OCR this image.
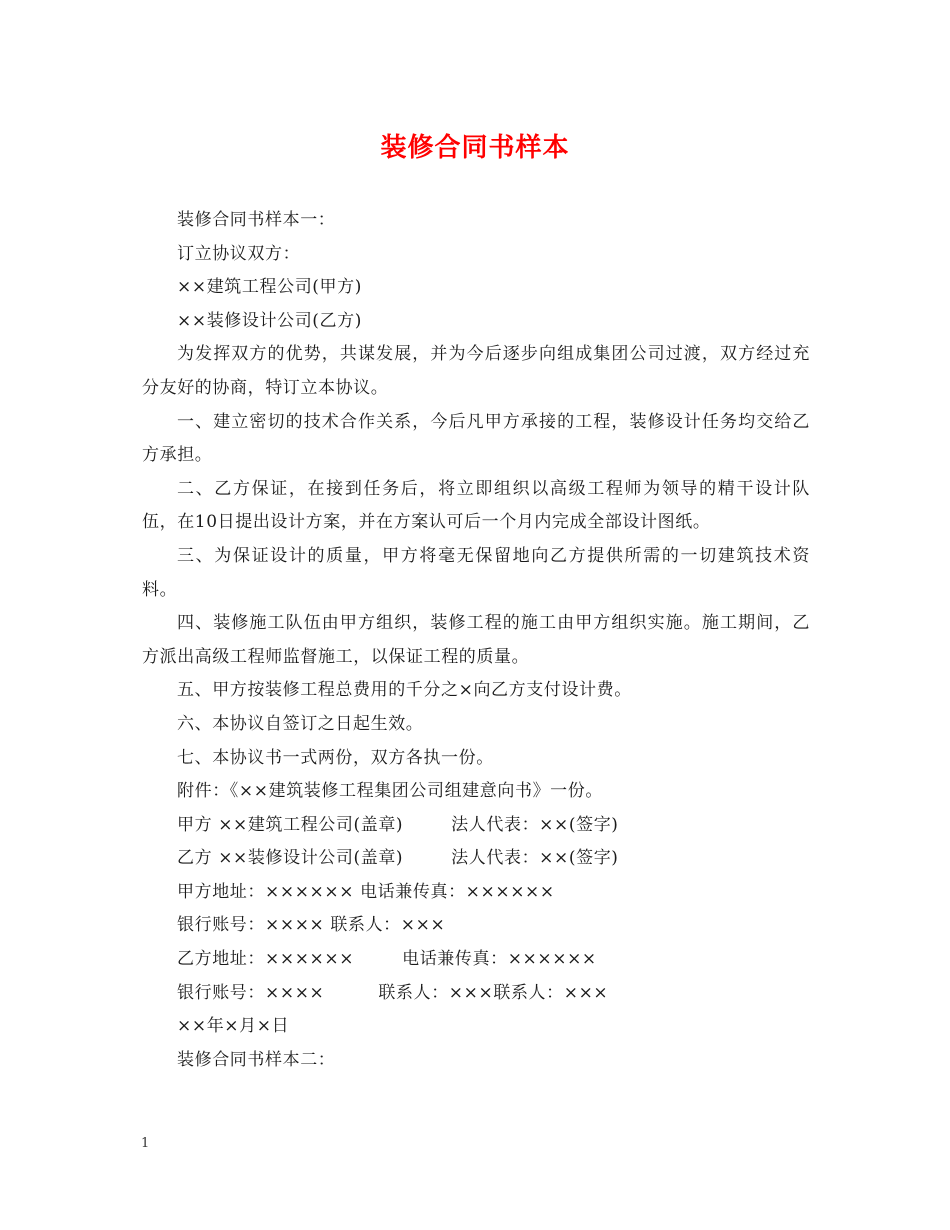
装修合同书样本

装修合同书样本一：

订立协议双方：

××建筑工程公司(甲方)

××装修设计公司(乙方)

为发挥双方的优势，共谋发展，并为今后逐步向组成集团公司过渡，双方经过充分友好的协商，特订立本协议。

一、建立密切的技术合作关系，今后凡甲方承接的工程，装修设计任务均交给乙方承担。

二、乙方保证，在接到任务后，将立即组织以高级工程师为领导的精干设计队伍，在10日提出设计方案，并在方案认可后一个月内完成全部设计图纸。

三、为保证设计的质量，甲方将毫无保留地向乙方提供所需的一切建筑技术资料。

四、装修施工队伍由甲方组织，装修工程的施工由甲方组织实施。施工期间，乙方派出高级工程师监督施工，以保证工程的质量。

五、甲方按装修工程总费用的千分之×向乙方支付设计费。

六、本协议自签订之日起生效。

七、本协议书一式两份，双方各执一份。

附件：《××建筑装修工程集团公司组建意向书》一份。

甲方 ××建筑工程公司(盖章)        法人代表：××(签字)

乙方 ××装修设计公司(盖章)        法人代表：××(签字)

甲方地址：×××××× 电话兼传真：××××××

银行账号：×××× 联系人：×××

乙方地址：××××××        电话兼传真：××××××

银行账号：××××         联系人：×××联系人：×××

××年×月×日

装修合同书样本二：

1
